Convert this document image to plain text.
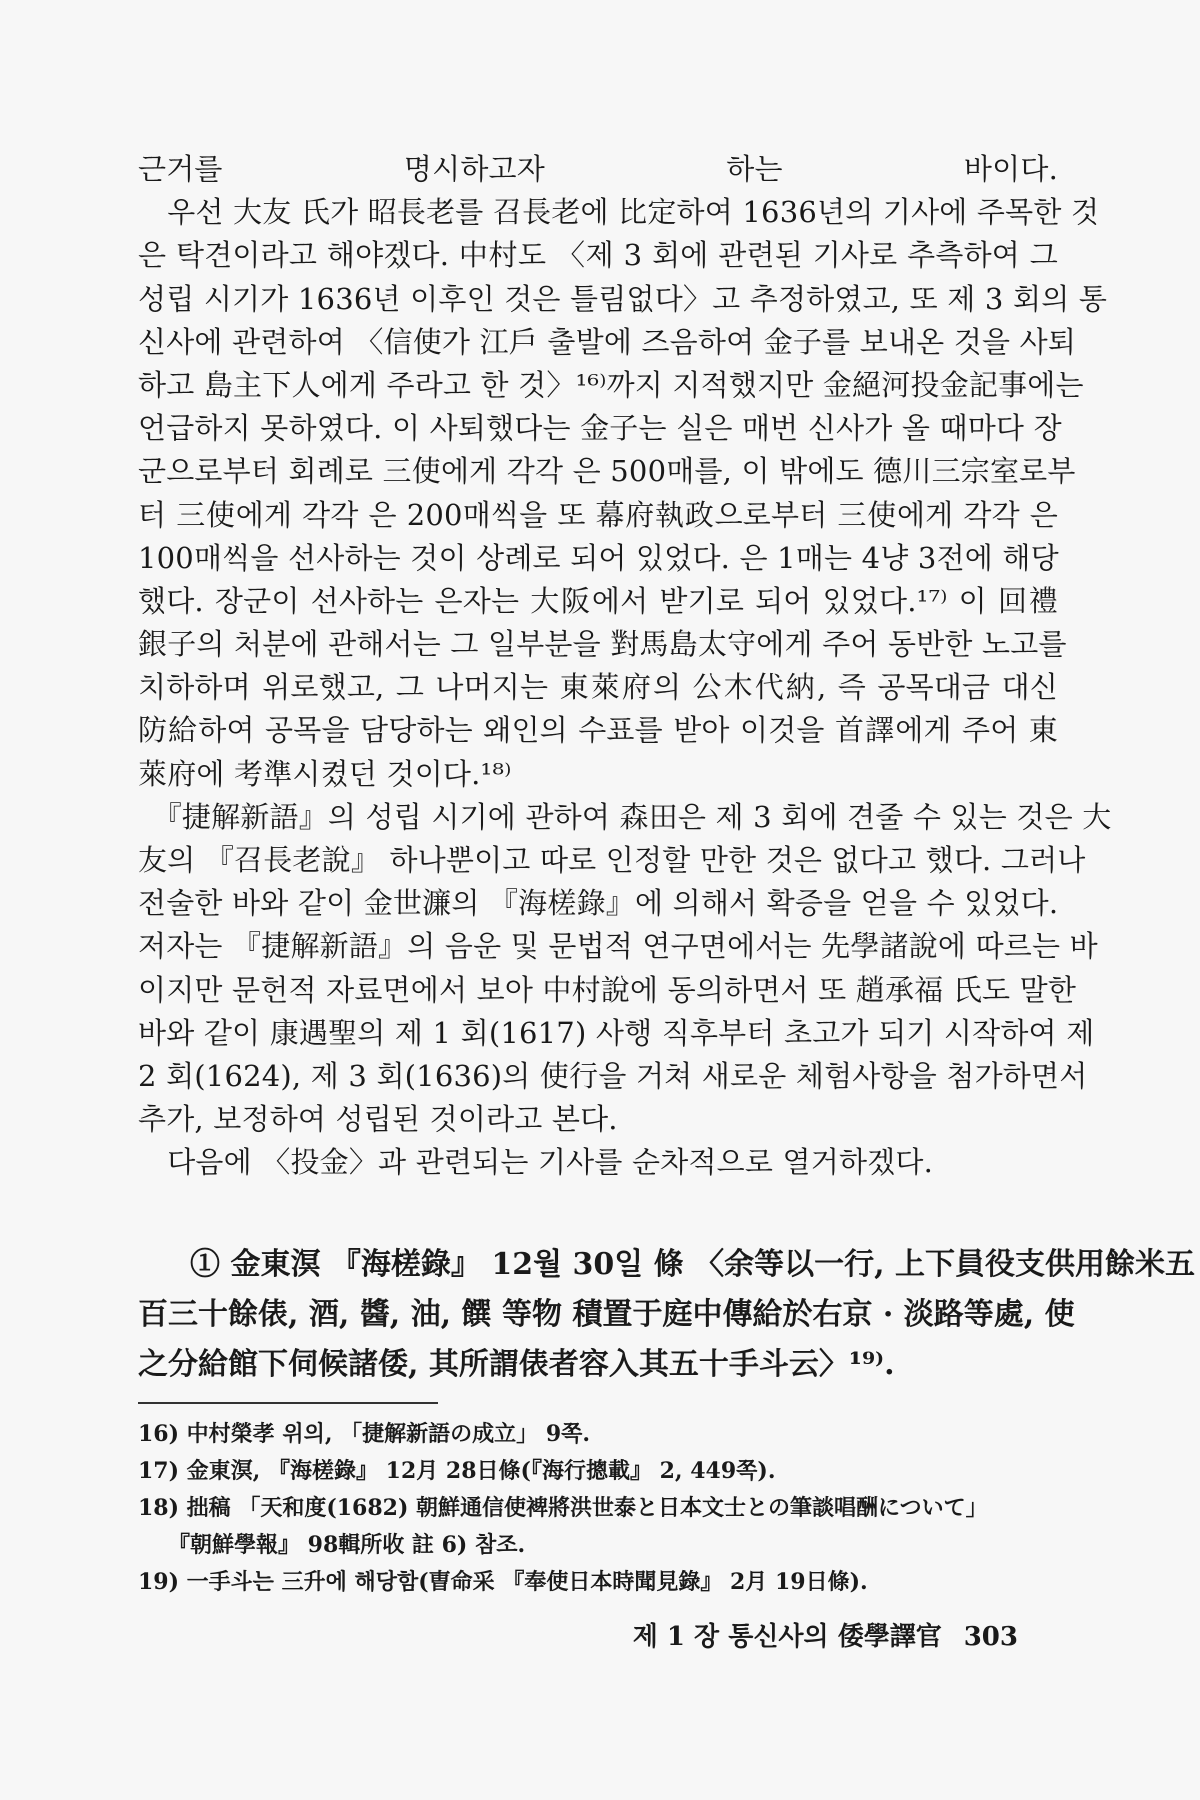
근거를 명시하고자 하는 바이다.
　우선 大友 氏가 昭長老를 召長老에 比定하여 1636년의 기사에 주목한 것
은 탁견이라고 해야겠다. 中村도 〈제 3 회에 관련된 기사로 추측하여 그
성립 시기가 1636년 이후인 것은 틀림없다〉고 추정하였고, 또 제 3 회의 통
신사에 관련하여 〈信使가 江戶 출발에 즈음하여 金子를 보내온 것을 사퇴
하고 島主下人에게 주라고 한 것〉¹⁶⁾까지 지적했지만 金絕河投金記事에는
언급하지 못하였다. 이 사퇴했다는 金子는 실은 매번 신사가 올 때마다 장
군으로부터 회례로 三使에게 각각 은 500매를, 이 밖에도 德川三宗室로부
터 三使에게 각각 은 200매씩을 또 幕府執政으로부터 三使에게 각각 은
100매씩을 선사하는 것이 상례로 되어 있었다. 은 1매는 4냥 3전에 해당
했다. 장군이 선사하는 은자는 大阪에서 받기로 되어 있었다.¹⁷⁾ 이 回禮
銀子의 처분에 관해서는 그 일부분을 對馬島太守에게 주어 동반한 노고를
치하하며 위로했고, 그 나머지는 東萊府의 公木代納, 즉 공목대금 대신
防給하여 공목을 담당하는 왜인의 수표를 받아 이것을 首譯에게 주어 東
萊府에 考準시켰던 것이다.¹⁸⁾
　『捷解新語』의 성립 시기에 관하여 森田은 제 3 회에 견줄 수 있는 것은 大
友의 『召長老說』 하나뿐이고 따로 인정할 만한 것은 없다고 했다. 그러나
전술한 바와 같이 金世濂의 『海槎錄』에 의해서 확증을 얻을 수 있었다.
저자는 『捷解新語』의 음운 및 문법적 연구면에서는 先學諸說에 따르는 바
이지만 문헌적 자료면에서 보아 中村說에 동의하면서 또 趙承福 氏도 말한
바와 같이 康遇聖의 제 1 회(1617) 사행 직후부터 초고가 되기 시작하여 제
2 회(1624), 제 3 회(1636)의 使行을 거쳐 새로운 체험사항을 첨가하면서
추가, 보정하여 성립된 것이라고 본다.
　다음에 〈投金〉과 관련되는 기사를 순차적으로 열거하겠다.
① 金東溟 『海槎錄』 12월 30일 條 〈余等以一行, 上下員役支供用餘米五
百三十餘俵, 酒, 醬, 油, 饌 等物 積置于庭中傳給於右京 · 淡路等處, 使
之分給館下伺候諸倭, 其所謂俵者容入其五十手斗云〉¹⁹⁾.
16) 中村榮孝 위의, 「捷解新語の成立」 9쪽.
17) 金東溟, 『海槎錄』 12月 28日條(『海行摠載』 2, 449쪽).
18) 拙稿 「天和度(1682) 朝鮮通信使裨將洪世泰と日本文士との筆談唱酬について」
『朝鮮學報』 98輯所收 註 6) 참조.
19) 一手斗는 三升에 해당함(曺命采 『奉使日本時聞見錄』 2月 19日條).
제 1 장 통신사의 倭學譯官 303
